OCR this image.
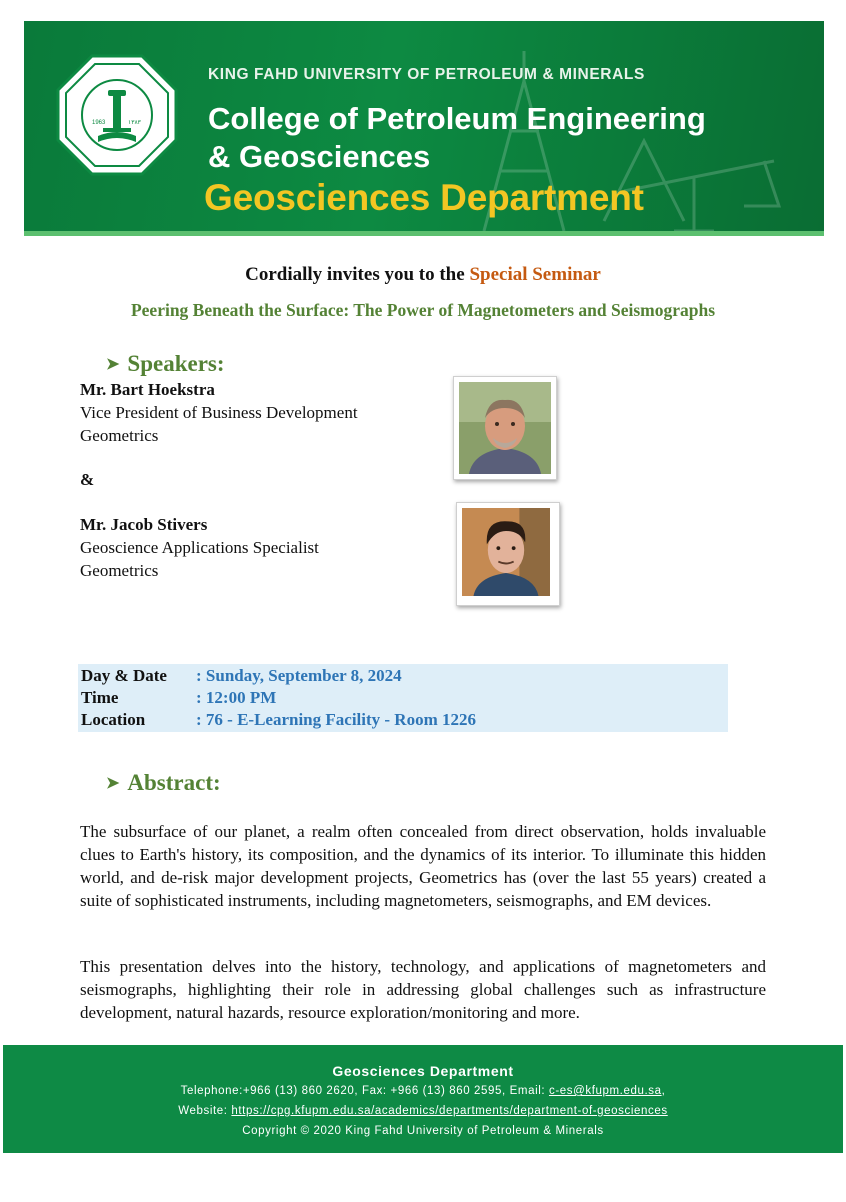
1963	١٣٨٣
KING FAHD UNIVERSITY OF PETROLEUM & MINERALS
College of Petroleum Engineering
& Geosciences
Geosciences Department
Cordially invites you to the Special Seminar
Peering Beneath the Surface: The Power of Magnetometers and Seismographs
➤ Speakers:
Mr. Bart Hoekstra
Vice President of Business Development
Geometrics
&
Mr. Jacob Stivers
Geoscience Applications Specialist
Geometrics
Day & Date : Sunday, September 8, 2024
Time	: 12:00 PM
Location	: 76 - E-Learning Facility - Room 1226
➤ Abstract:
The subsurface of our planet, a realm often concealed from direct observation, holds invaluable clues to Earth's history, its composition, and the dynamics of its interior. To illuminate this hidden world, and de-risk major development projects, Geometrics has (over the last 55 years) created a suite of sophisticated instruments, including magnetometers, seismographs, and EM devices.
This presentation delves into the history, technology, and applications of magnetometers and seismographs, highlighting their role in addressing global challenges such as infrastructure development, natural hazards, resource exploration/monitoring and more.
Geosciences Department
Telephone:+966 (13) 860 2620, Fax: +966 (13) 860 2595, Email: c-es@kfupm.edu.sa,
Website: https://cpg.kfupm.edu.sa/academics/departments/department-of-geosciences
Copyright © 2020 King Fahd University of Petroleum & Minerals
